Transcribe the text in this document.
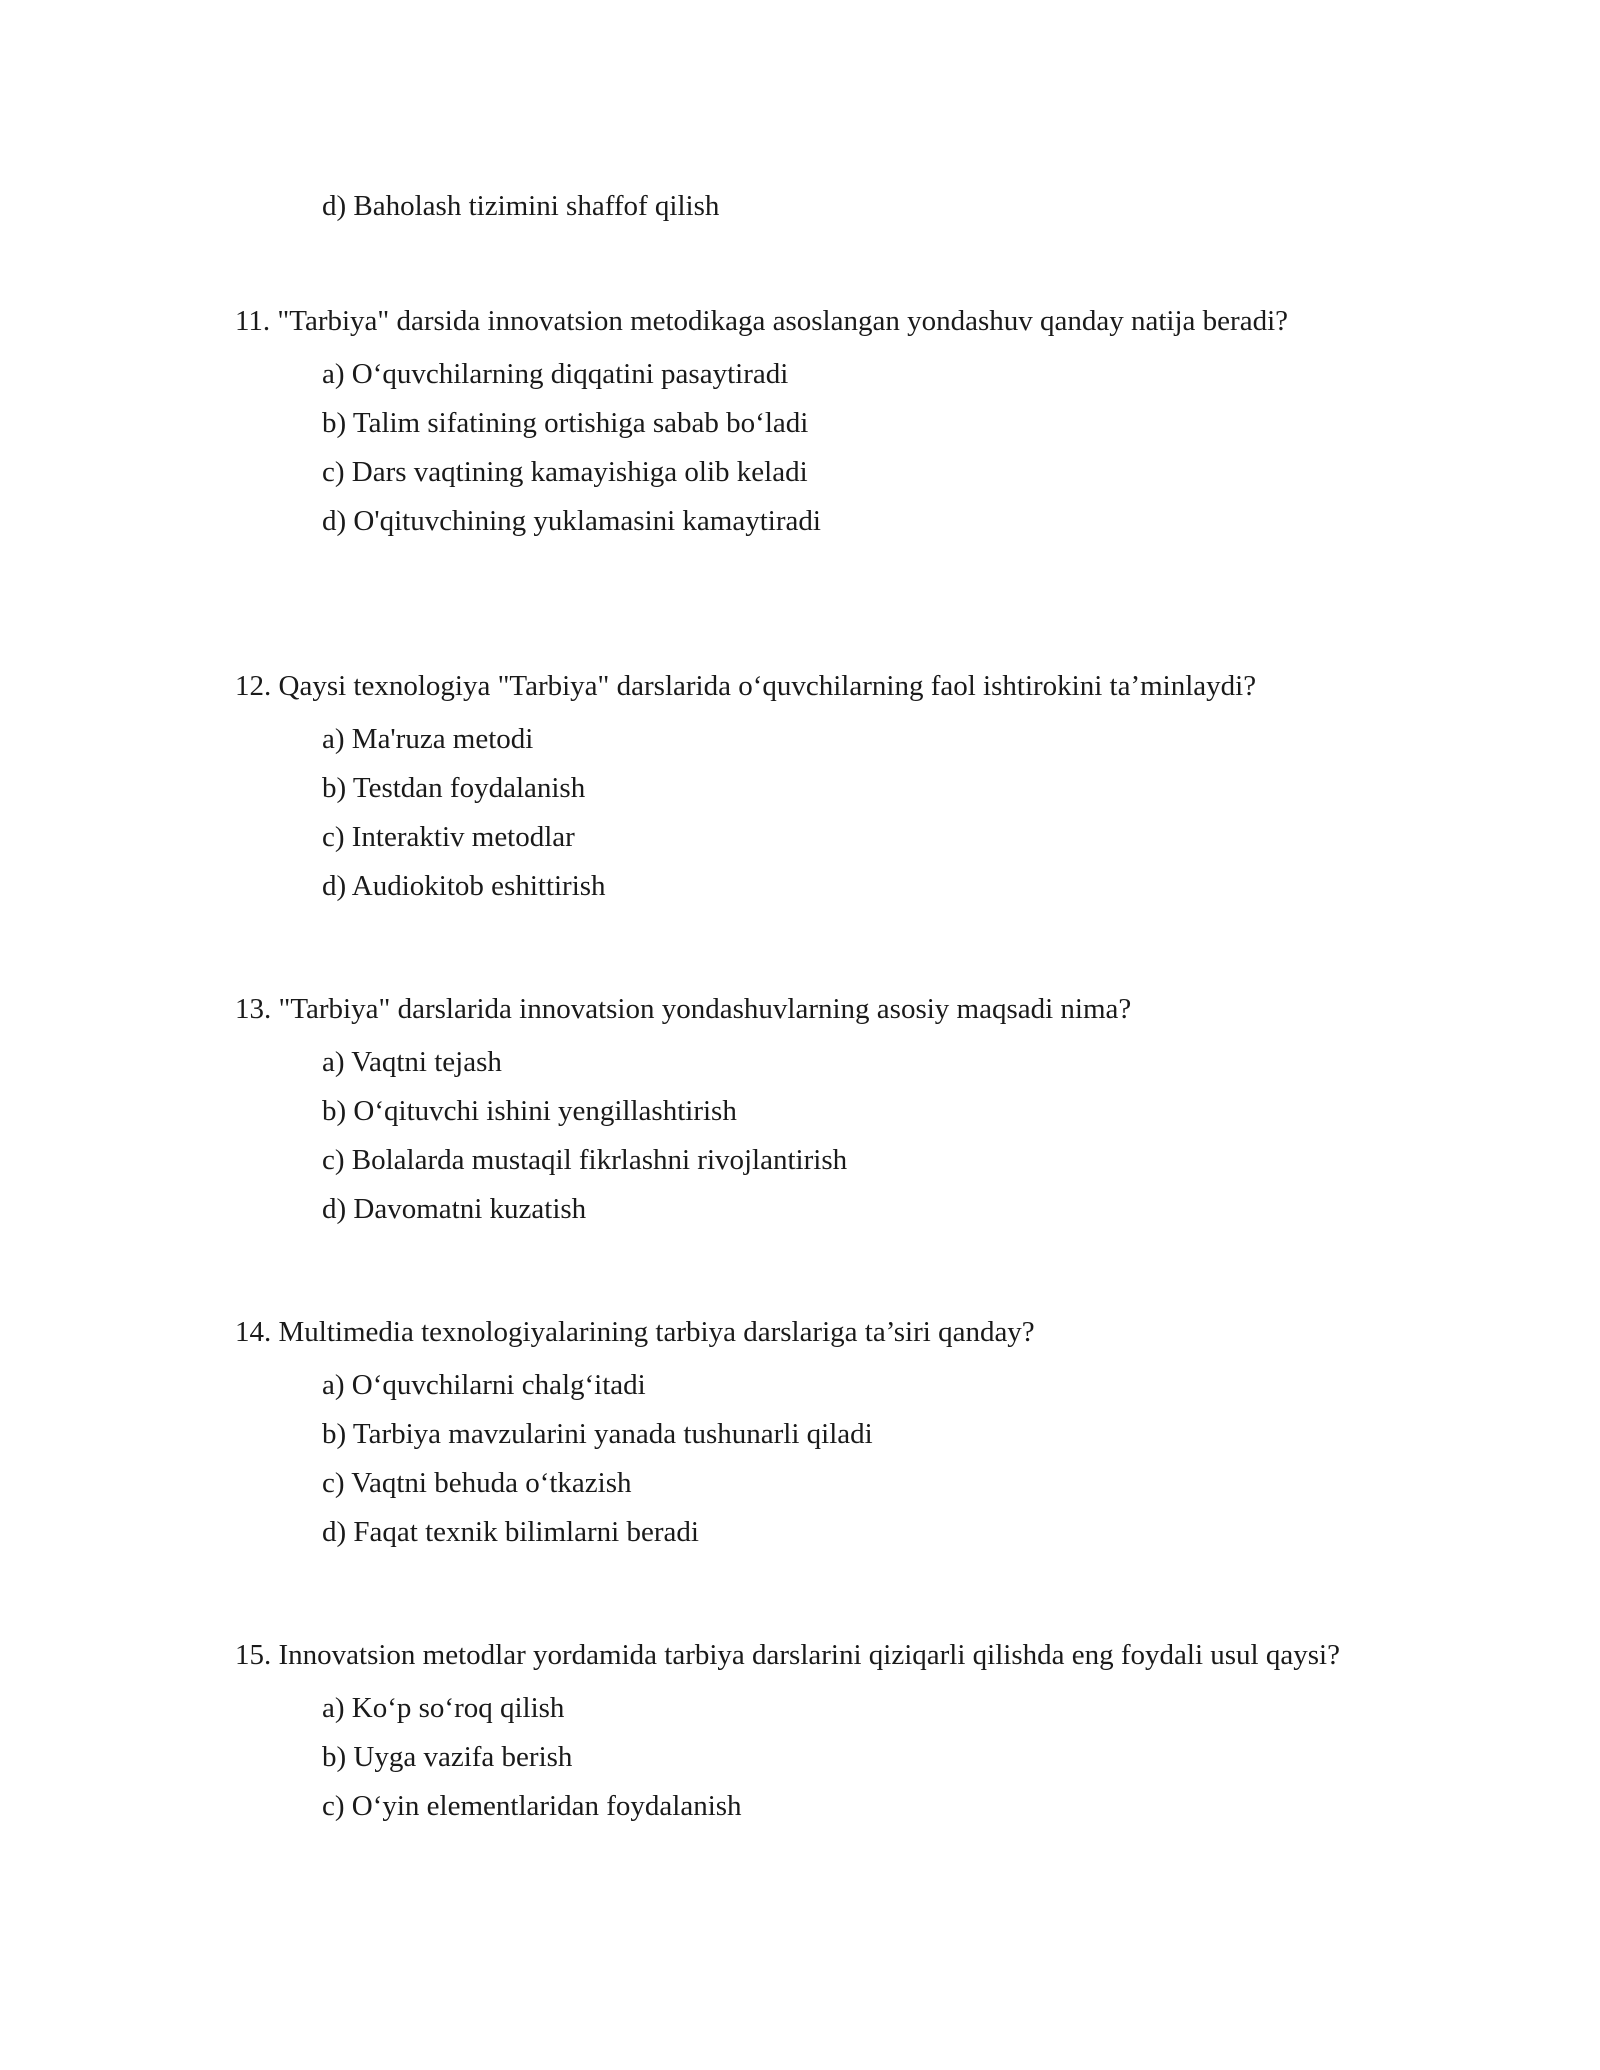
d) Baholash tizimini shaffof qilish

11. "Tarbiya" darsida innovatsion metodikaga asoslangan yondashuv qanday natija beradi?

a) O‘quvchilarning diqqatini pasaytiradi
b) Talim sifatining ortishiga sabab bo‘ladi
c) Dars vaqtining kamayishiga olib keladi
d) O'qituvchining yuklamasini kamaytiradi

12. Qaysi texnologiya "Tarbiya" darslarida o‘quvchilarning faol ishtirokini ta’minlaydi?

a) Ma'ruza metodi
b) Testdan foydalanish
c) Interaktiv metodlar
d) Audiokitob eshittirish

13. "Tarbiya" darslarida innovatsion yondashuvlarning asosiy maqsadi nima?

a) Vaqtni tejash
b) O‘qituvchi ishini yengillashtirish
c) Bolalarda mustaqil fikrlashni rivojlantirish
d) Davomatni kuzatish

14. Multimedia texnologiyalarining tarbiya darslariga ta’siri qanday?

a) O‘quvchilarni chalg‘itadi
b) Tarbiya mavzularini yanada tushunarli qiladi
c) Vaqtni behuda o‘tkazish
d) Faqat texnik bilimlarni beradi

15. Innovatsion metodlar yordamida tarbiya darslarini qiziqarli qilishda eng foydali usul qaysi?

a) Ko‘p so‘roq qilish
b) Uyga vazifa berish
c) O‘yin elementlaridan foydalanish
